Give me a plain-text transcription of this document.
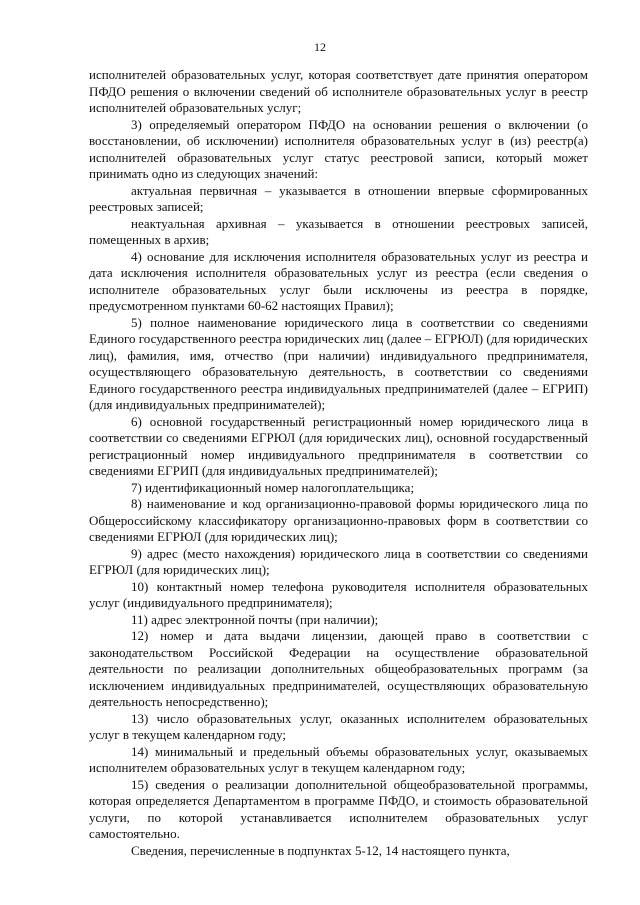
12

исполнителей образовательных услуг, которая соответствует дате принятия оператором ПФДО решения о включении сведений об исполнителе образовательных услуг в реестр исполнителей образовательных услуг;

3) определяемый оператором ПФДО на основании решения о включении (о восстановлении, об исключении) исполнителя образовательных услуг в (из) реестр(а) исполнителей образовательных услуг статус реестровой записи, который может принимать одно из следующих значений:

актуальная первичная – указывается в отношении впервые сформированных реестровых записей;

неактуальная архивная – указывается в отношении реестровых записей, помещенных в архив;

4) основание для исключения исполнителя образовательных услуг из реестра и дата исключения исполнителя образовательных услуг из реестра (если сведения о исполнителе образовательных услуг были исключены из реестра в порядке, предусмотренном пунктами 60-62 настоящих Правил);

5) полное наименование юридического лица в соответствии со сведениями Единого государственного реестра юридических лиц (далее – ЕГРЮЛ) (для юридических лиц), фамилия, имя, отчество (при наличии) индивидуального предпринимателя, осуществляющего образовательную деятельность, в соответствии со сведениями Единого государственного реестра индивидуальных предпринимателей (далее – ЕГРИП) (для индивидуальных предпринимателей);

6) основной государственный регистрационный номер юридического лица в соответствии со сведениями ЕГРЮЛ (для юридических лиц), основной государственный регистрационный номер индивидуального предпринимателя в соответствии со сведениями ЕГРИП (для индивидуальных предпринимателей);

7) идентификационный номер налогоплательщика;

8) наименование и код организационно-правовой формы юридического лица по Общероссийскому классификатору организационно-правовых форм в соответствии со сведениями ЕГРЮЛ (для юридических лиц);

9) адрес (место нахождения) юридического лица в соответствии со сведениями ЕГРЮЛ (для юридических лиц);

10) контактный номер телефона руководителя исполнителя образовательных услуг (индивидуального предпринимателя);

11) адрес электронной почты (при наличии);

12) номер и дата выдачи лицензии, дающей право в соответствии с законодательством Российской Федерации на осуществление образовательной деятельности по реализации дополнительных общеобразовательных программ (за исключением индивидуальных предпринимателей, осуществляющих образовательную деятельность непосредственно);

13) число образовательных услуг, оказанных исполнителем образовательных услуг в текущем календарном году;

14) минимальный и предельный объемы образовательных услуг, оказываемых исполнителем образовательных услуг в текущем календарном году;

15) сведения о реализации дополнительной общеобразовательной программы, которая определяется Департаментом в программе ПФДО, и стоимость образовательной услуги, по которой устанавливается исполнителем образовательных услуг самостоятельно.

Сведения, перечисленные в подпунктах 5-12, 14 настоящего пункта,
